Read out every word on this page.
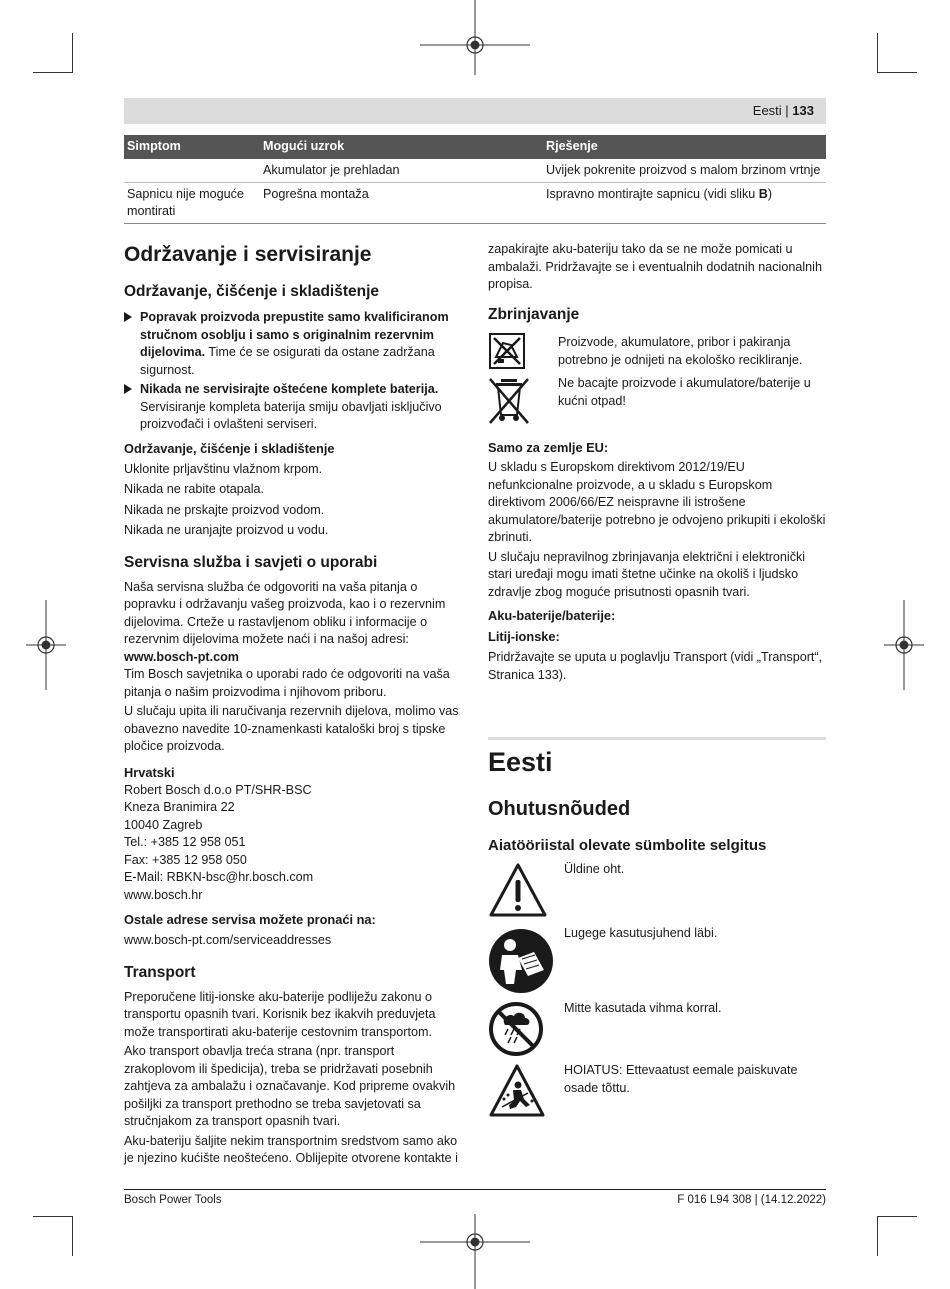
Eesti | 133
Simptom	Mogući uzrok	Rješenje
	Akumulator je prehladan	Uvijek pokrenite proizvod s malom brzinom vrtnje
Sapnicu nije moguće montirati	Pogrešna montaža	Ispravno montirajte sapnicu (vidi sliku B)
Održavanje i servisiranje
Održavanje, čišćenje i skladištenje
Popravak proizvoda prepustite samo kvalificiranom stručnom osoblju i samo s originalnim rezervnim dijelovima. Time će se osigurati da ostane zadržana sigurnost.
Nikada ne servisirajte oštećene komplete baterija. Servisiranje kompleta baterija smiju obavljati isključivo proizvođači i ovlašteni serviseri.
Održavanje, čišćenje i skladištenje

Uklonite prljavštinu vlažnom krpom.

Nikada ne rabite otapala.

Nikada ne prskajte proizvod vodom.

Nikada ne uranjajte proizvod u vodu.

Servisna služba i savjeti o uporabi

Naša servisna služba će odgovoriti na vaša pitanja o popravku i održavanju vašeg proizvoda, kao i o rezervnim dijelovima. Crteže u rastavljenom obliku i informacije o rezervnim dijelovima možete naći i na našoj adresi:

www.bosch-pt.com

Tim Bosch savjetnika o uporabi rado će odgovoriti na vaša pitanja o našim proizvodima i njihovom priboru.

U slučaju upita ili naručivanja rezervnih dijelova, molimo vas obavezno navedite 10-znamenkasti kataloški broj s tipske pločice proizvoda.

Hrvatski

Robert Bosch d.o.o PT/SHR-BSC

Kneza Branimira 22

10040 Zagreb

Tel.: +385 12 958 051

Fax: +385 12 958 050

E-Mail: RBKN-bsc@hr.bosch.com

www.bosch.hr

Ostale adrese servisa možete pronaći na:

www.bosch-pt.com/serviceaddresses

Transport

Preporučene litij-ionske aku-baterije podliježu zakonu o transportu opasnih tvari. Korisnik bez ikakvih preduvjeta može transportirati aku-baterije cestovnim transportom.

Ako transport obavlja treća strana (npr. transport zrakoplovom ili špedicija), treba se pridržavati posebnih zahtjeva za ambalažu i označavanje. Kod pripreme ovakvih pošiljki za transport prethodno se treba savjetovati sa stručnjakom za transport opasnih tvari.

Aku-bateriju šaljite nekim transportnim sredstvom samo ako je njezino kućište neoštećeno. Oblijepite otvorene kontakte i

zapakirajte aku-bateriju tako da se ne može pomicati u ambalaži. Pridržavajte se i eventualnih dodatnih nacionalnih propisa.

Zbrinjavanje

Proizvode, akumulatore, pribor i pakiranja potrebno je odnijeti na ekološko recikliranje.

Ne bacajte proizvode i akumulatore/baterije u kućni otpad!

Samo za zemlje EU:

U skladu s Europskom direktivom 2012/19/EU nefunkcionalne proizvode, a u skladu s Europskom direktivom 2006/66/EZ neispravne ili istrošene akumulatore/baterije potrebno je odvojeno prikupiti i ekološki zbrinuti.

U slučaju nepravilnog zbrinjavanja električni i elektronički stari uređaji mogu imati štetne učinke na okoliš i ljudsko zdravlje zbog moguće prisutnosti opasnih tvari.

Aku-baterije/baterije:
Litij-ionske:

Pridržavajte se uputa u poglavlju Transport (vidi „Transport“, Stranica 133).

Eesti
Ohutusnõuded
Aiatööriistal olevate sümbolite selgitus

Üldine oht.

Lugege kasutusjuhend läbi.

Mitte kasutada vihma korral.

HOIATUS: Ettevaatust eemale paiskuvate osade tõttu.

Bosch Power Tools	F 016 L94 308 | (14.12.2022)
